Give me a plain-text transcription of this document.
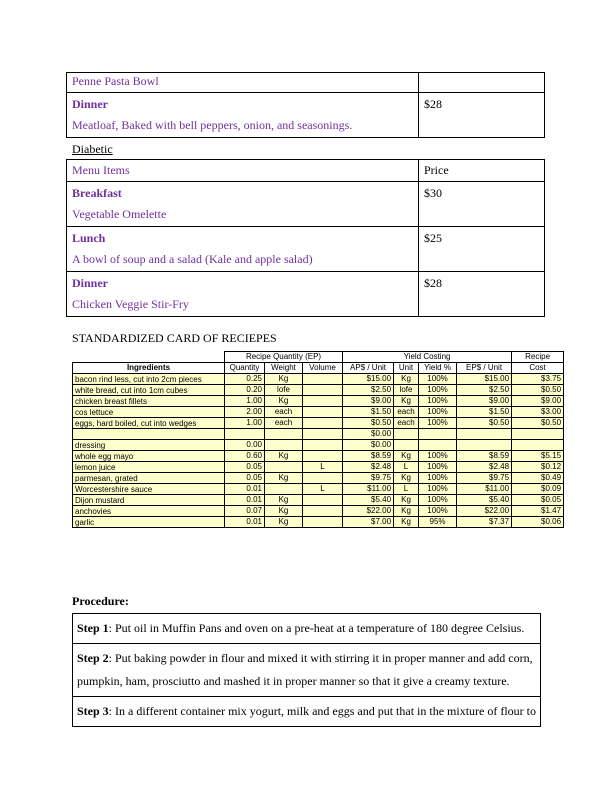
Penne Pasta Bowl	

Dinner
Meatloaf, Baked with bell peppers, onion, and seasonings.	$28
Diabetic
Menu Items	Price

Breakfast
Vegetable Omelette	$30

Lunch
A bowl of soup and a salad (Kale and apple salad)	$25

Dinner
Chicken Veggie Stir-Fry	$28
STANDARDIZED CARD OF RECIEPES
	Recipe Quantity (EP)			Yield Costing				Recipe
Ingredients	Quantity	Weight	Volume	AP$ / Unit	Unit	Yield %	EP$ / Unit	Cost
bacon rind less, cut into 2cm pieces	0.25	Kg		$15.00	Kg	100%	$15.00	$3.75
white bread, cut into 1cm cubes	0.20	lofe		$2.50	lofe	100%	$2.50	$0.50
chicken breast fillets	1.00	Kg		$9.00	Kg	100%	$9.00	$9.00
cos lettuce	2.00	each		$1.50	each	100%	$1.50	$3.00
eggs, hard boiled, cut into wedges	1.00	each		$0.50	each	100%	$0.50	$0.50
				$0.00				
dressing	0.00			$0.00				
whole egg mayo	0.60	Kg		$8.59	Kg	100%	$8.59	$5.15
lemon juice	0.05		L	$2.48	L	100%	$2.48	$0.12
parmesan, grated	0.05	Kg		$9.75	Kg	100%	$9.75	$0.49
Worcestershire sauce	0.01		L	$11.00	L	100%	$11.00	$0.09
Dijon mustard	0.01	Kg		$5.40	Kg	100%	$5.40	$0.05
anchovies	0.07	Kg		$22.00	Kg	100%	$22.00	$1.47
garlic	0.01	Kg		$7.00	Kg	95%	$7.37	$0.06
Procedure:
Step 1: Put oil in Muffin Pans and oven on a pre-heat at a temperature of 180 degree Celsius.
Step 2: Put baking powder in flour and mixed it with stirring it in proper manner and add corn, pumpkin, ham, prosciutto and mashed it in proper manner so that it give a creamy texture.
Step 3: In a different container mix yogurt, milk and eggs and put that in the mixture of flour to
